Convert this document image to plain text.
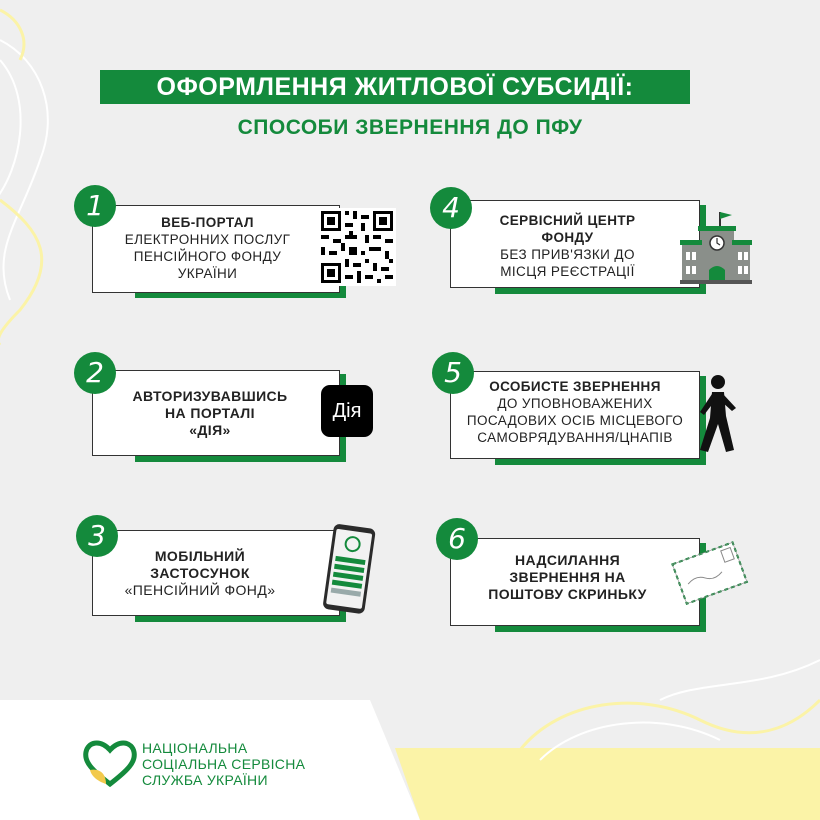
ОФОРМЛЕННЯ ЖИТЛОВОЇ СУБСИДІЇ:
СПОСОБИ ЗВЕРНЕННЯ ДО ПФУ
1
ВЕБ-ПОРТАЛ
ЕЛЕКТРОННИХ ПОСЛУГ
ПЕНСІЙНОГО ФОНДУ
УКРАЇНИ
2
АВТОРИЗУВАВШИСЬ
НА ПОРТАЛІ
«ДІЯ»
Дія
3
МОБІЛЬНИЙ
ЗАСТОСУНОК
«ПЕНСІЙНИЙ ФОНД»
4	СЕРВІСНИЙ ЦЕНТР
ФОНДУ
БЕЗ ПРИВ'ЯЗКИ ДО
МІСЦЯ РЕЄСТРАЦІЇ
5	ОСОБИСТЕ ЗВЕРНЕННЯ
ДО УПОВНОВАЖЕНИХ
ПОСАДОВИХ ОСІБ МІСЦЕВОГО
САМОВРЯДУВАННЯ/ЦНАПІВ
6
НАДСИЛАННЯ
ЗВЕРНЕННЯ НА
ПОШТОВУ СКРИНЬКУ
НАЦІОНАЛЬНА
СОЦІАЛЬНА СЕРВІСНА
СЛУЖБА УКРАЇНИ
